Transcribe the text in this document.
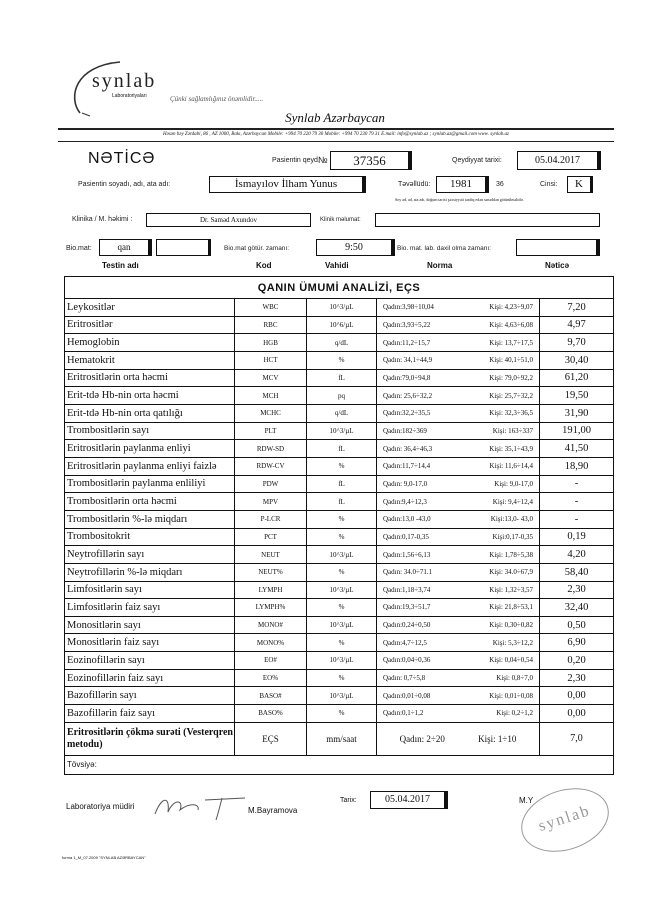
synlab
Laboratoriyaları	Çünki sağlamlığınız önəmlidir.....
Synlab Azərbaycan
Həsən bəy Zərdabi, 86 , AZ 1000, Bakı, Azərbaycan Mobile: +994 70 220 79 30 Mobile: +994 70 230 79 31 E.mail: info@synlab.az ; synlab.az@gmail.com www. synlab.az
NƏTİCƏ	Pasientin qeyd.
№	37356	Qeydiyyat tarixi:	05.04.2017
Pasientin soyadı, adı, ata adı:	İsmayılov İlham Yunus	Təvəllüdü:	1981	36	Cinsi:	K
Soy ad, ad, ata adı, doğum tarixi şəxsiyyəti təsdiq edən sənəddən götürülməlidir.
Klinika / M. həkimi :	Dr. Saməd Axundov	Klinik məlumat:
Bio.mat:	qan	Bio.mat götür. zamanı:	9:50	Bio. mat. lab. daxil olma zamanı:
Testin adı	Kod	Vahidi	Norma	Nəticə
QANIN ÜMUMİ ANALİZİ, EÇS
Leykositlər	WBC	10^3/µL	Qadın:3,98÷10,04	Kişi: 4,23÷9,07	7,20
Eritrositlər	RBC	10^6/µL	Qadın:3,93÷5,22	Kişi: 4,63÷6,08	4,97
Hemoglobin	HGB	q/dL	Qadın:11,2÷15,7	Kişi: 13,7÷17,5	9,70
Hematokrit	HCT	%	Qadın: 34,1÷44,9	Kişi: 40,1÷51,0	30,40
Eritrositlərin orta həcmi	MCV	fL	Qadın:79,0÷94,8	Kişi: 79,0÷92,2	61,20
Erit-tdə Hb-nin orta həcmi	MCH	pq	Qadın: 25,6÷32,2	Kişi: 25,7÷32,2	19,50
Erit-tdə Hb-nin orta qatılığı	MCHC	q/dL	Qadın:32,2÷35,5	Kişi: 32,3÷36,5	31,90
Trombositlərin sayı	PLT	10^3/µL	Qadın:182÷369	Kişi: 163÷337	191,00
Eritrositlərin paylanma enliyi	RDW-SD	fL	Qadın: 36,4÷46,3	Kişi: 35,1÷43,9	41,50
Eritrositlərin paylanma enliyi faizlə	RDW-CV	%	Qadın:11,7÷14,4	Kişi: 11,6÷14,4	18,90
Trombositlərin paylanma enliliyi	PDW	fL	Qadın: 9,0-17,0	Kişi: 9,0-17,0	-
Trombositlərin orta həcmi	MPV	fL	Qadın:9,4÷12,3	Kişi: 9,4÷12,4	-
Trombositlərin %-lə miqdarı	P-LCR	%	Qadın:13,0 -43,0	Kişi:13,0- 43,0	-
Trombositokrit	PCT	%	Qadın:0,17-0,35	Kişi:0,17-0,35	0,19
Neytrofillərin sayı	NEUT	10^3/µL	Qadın:1,56÷6,13	Kişi: 1,78÷5,38	4,20
Neytrofillərin %-lə miqdarı	NEUT%	%	Qadın: 34.0÷71.1	Kişi: 34.0÷67,9	58,40
Limfositlərin sayı	LYMPH	10^3/µL	Qadın:1,18÷3,74	Kişi: 1,32÷3,57	2,30
Limfositlərin faiz sayı	LYMPH%	%	Qadın:19,3÷51,7	Kişi: 21,8÷53,1	32,40
Monositlərin sayı	MONO#	10^3/µL	Qadın:0,24÷0,50	Kişi: 0,30÷0,82	0,50
Monositlərin faiz sayı	MONO%	%	Qadın:4,7÷12,5	Kişi: 5,3÷12,2	6,90
Eozinofillərin sayı	EO#	10^3/µL	Qadın:0,04÷0,36	Kişi: 0,04÷0,54	0,20
Eozinofillərin faiz sayı	EO%	%	Qadın: 0,7÷5,8	Kişi: 0,8÷7,0	2,30
Bazofillərin sayı	BASO#	10^3/µL	Qadın:0,01÷0,08	Kişi: 0,01÷0,08	0,00
Bazofillərin faiz sayı	BASO%	%	Qadın:0,1÷1,2	Kişi: 0,2÷1,2	0,00
Eritrositlərin çökmə surəti (Vesterqren metodu)	EÇS	mm/saat	Qadın: 2÷20	Kişi: 1÷10	7,0
Tövsiyə:
Laboratoriya müdiri	M.Bayramova
Tarix:	05.04.2017	M.Y
synlab
forma 1_M_07.2009 "SYNLAB AZƏRBAYCAN"
